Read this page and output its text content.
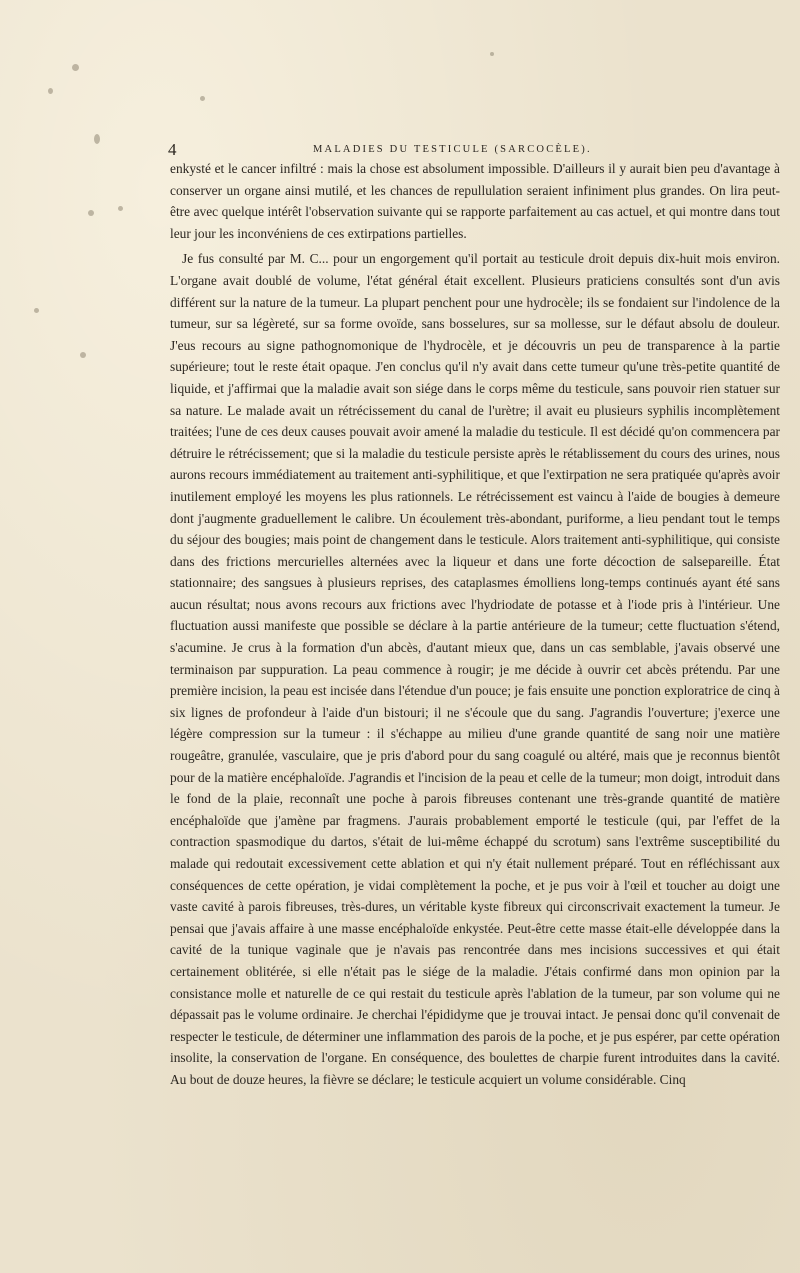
4	MALADIES DU TESTICULE (SARCOCÈLE).

enkysté et le cancer infiltré : mais la chose est absolument impossible. D'ailleurs il y aurait bien peu d'avantage à conserver un organe ainsi mutilé, et les chances de repullulation seraient infiniment plus grandes. On lira peut-être avec quelque intérêt l'observation suivante qui se rapporte parfaitement au cas actuel, et qui montre dans tout leur jour les inconvéniens de ces extirpations partielles.

Je fus consulté par M. C... pour un engorgement qu'il portait au testicule droit depuis dix-huit mois environ. L'organe avait doublé de volume, l'état général était excellent. Plusieurs praticiens consultés sont d'un avis différent sur la nature de la tumeur. La plupart penchent pour une hydrocèle; ils se fondaient sur l'indolence de la tumeur, sur sa légèreté, sur sa forme ovoïde, sans bosselures, sur sa mollesse, sur le défaut absolu de douleur. J'eus recours au signe pathognomonique de l'hydrocèle, et je découvris un peu de transparence à la partie supérieure; tout le reste était opaque. J'en conclus qu'il n'y avait dans cette tumeur qu'une très-petite quantité de liquide, et j'affirmai que la maladie avait son siége dans le corps même du testicule, sans pouvoir rien statuer sur sa nature. Le malade avait un rétrécissement du canal de l'urètre; il avait eu plusieurs syphilis incomplètement traitées; l'une de ces deux causes pouvait avoir amené la maladie du testicule. Il est décidé qu'on commencera par détruire le rétrécissement; que si la maladie du testicule persiste après le rétablissement du cours des urines, nous aurons recours immédiatement au traitement anti-syphilitique, et que l'extirpation ne sera pratiquée qu'après avoir inutilement employé les moyens les plus rationnels. Le rétrécissement est vaincu à l'aide de bougies à demeure dont j'augmente graduellement le calibre. Un écoulement très-abondant, puriforme, a lieu pendant tout le temps du séjour des bougies; mais point de changement dans le testicule. Alors traitement anti-syphilitique, qui consiste dans des frictions mercurielles alternées avec la liqueur et dans une forte décoction de salsepareille. État stationnaire; des sangsues à plusieurs reprises, des cataplasmes émolliens long-temps continués ayant été sans aucun résultat; nous avons recours aux frictions avec l'hydriodate de potasse et à l'iode pris à l'intérieur. Une fluctuation aussi manifeste que possible se déclare à la partie antérieure de la tumeur; cette fluctuation s'étend, s'acumine. Je crus à la formation d'un abcès, d'autant mieux que, dans un cas semblable, j'avais observé une terminaison par suppuration. La peau commence à rougir; je me décide à ouvrir cet abcès prétendu. Par une première incision, la peau est incisée dans l'étendue d'un pouce; je fais ensuite une ponction exploratrice de cinq à six lignes de profondeur à l'aide d'un bistouri; il ne s'écoule que du sang. J'agrandis l'ouverture; j'exerce une légère compression sur la tumeur : il s'échappe au milieu d'une grande quantité de sang noir une matière rougeâtre, granulée, vasculaire, que je pris d'abord pour du sang coagulé ou altéré, mais que je reconnus bientôt pour de la matière encéphaloïde. J'agrandis et l'incision de la peau et celle de la tumeur; mon doigt, introduit dans le fond de la plaie, reconnaît une poche à parois fibreuses contenant une très-grande quantité de matière encéphaloïde que j'amène par fragmens. J'aurais probablement emporté le testicule (qui, par l'effet de la contraction spasmodique du dartos, s'était de lui-même échappé du scrotum) sans l'extrême susceptibilité du malade qui redoutait excessivement cette ablation et qui n'y était nullement préparé. Tout en réfléchissant aux conséquences de cette opération, je vidai complètement la poche, et je pus voir à l'œil et toucher au doigt une vaste cavité à parois fibreuses, très-dures, un véritable kyste fibreux qui circonscrivait exactement la tumeur. Je pensai que j'avais affaire à une masse encéphaloïde enkystée. Peut-être cette masse était-elle développée dans la cavité de la tunique vaginale que je n'avais pas rencontrée dans mes incisions successives et qui était certainement oblitérée, si elle n'était pas le siége de la maladie. J'étais confirmé dans mon opinion par la consistance molle et naturelle de ce qui restait du testicule après l'ablation de la tumeur, par son volume qui ne dépassait pas le volume ordinaire. Je cherchai l'épididyme que je trouvai intact. Je pensai donc qu'il convenait de respecter le testicule, de déterminer une inflammation des parois de la poche, et je pus espérer, par cette opération insolite, la conservation de l'organe. En conséquence, des boulettes de charpie furent introduites dans la cavité. Au bout de douze heures, la fièvre se déclare; le testicule acquiert un volume considérable. Cinq
